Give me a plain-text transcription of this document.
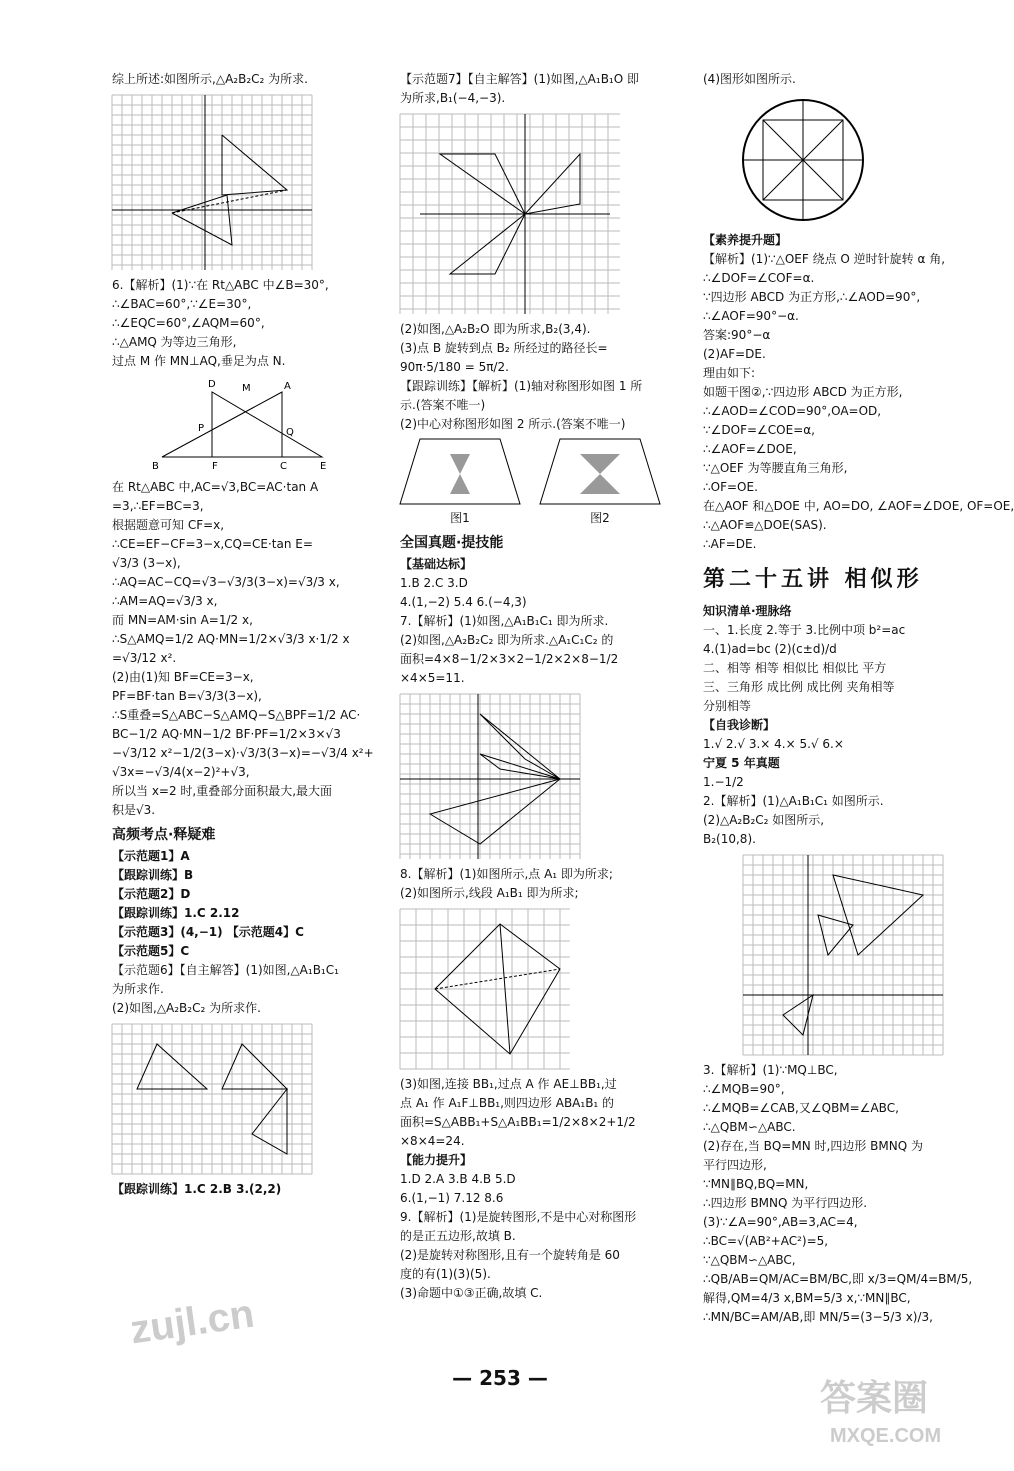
综上所述:如图所示,△A₂B₂C₂ 为所求.
6.【解析】(1)∵在 Rt△ABC 中∠B=30°,
∴∠BAC=60°,∵∠E=30°,
∴∠EQC=60°,∠AQM=60°,
∴△AMQ 为等边三角形,
过点 M 作 MN⊥AQ,垂足为点 N.
D	M	A
P	Q
B	F	C	E
在 Rt△ABC 中,AC=√3,BC=AC·tan A
=3,∴EF=BC=3,
根据题意可知 CF=x,
∴CE=EF−CF=3−x,CQ=CE·tan E=
√3/3 (3−x),
∴AQ=AC−CQ=√3−√3/3(3−x)=√3/3 x,
∴AM=AQ=√3/3 x,
而 MN=AM·sin A=1/2 x,
∴S△AMQ=1/2 AQ·MN=1/2×√3/3 x·1/2 x
=√3/12 x².
(2)由(1)知 BF=CE=3−x,
PF=BF·tan B=√3/3(3−x),
∴S重叠=S△ABC−S△AMQ−S△BPF=1/2 AC·
BC−1/2 AQ·MN−1/2 BF·PF=1/2×3×√3
−√3/12 x²−1/2(3−x)·√3/3(3−x)=−√3/4 x²+
√3x=−√3/4(x−2)²+√3,
所以当 x=2 时,重叠部分面积最大,最大面
积是√3.
高频考点·释疑难
【示范题1】A
【跟踪训练】B
【示范题2】D
【跟踪训练】1.C 2.12
【示范题3】(4,−1) 【示范题4】C
【示范题5】C
【示范题6】【自主解答】(1)如图,△A₁B₁C₁
为所求作.
(2)如图,△A₂B₂C₂ 为所求作.
【跟踪训练】1.C 2.B 3.(2,2)
【示范题7】【自主解答】(1)如图,△A₁B₁O 即
为所求,B₁(−4,−3).
(2)如图,△A₂B₂O 即为所求,B₂(3,4).
(3)点 B 旋转到点 B₂ 所经过的路径长=
90π·5/180 = 5π/2.
【跟踪训练】【解析】(1)轴对称图形如图 1 所
示.(答案不唯一)
(2)中心对称图形如图 2 所示.(答案不唯一)
图1	图2
全国真题·提技能
【基础达标】
1.B 2.C 3.D
4.(1,−2) 5.4 6.(−4,3)
7.【解析】(1)如图,△A₁B₁C₁ 即为所求.
(2)如图,△A₂B₂C₂ 即为所求.△A₁C₁C₂ 的
面积=4×8−1/2×3×2−1/2×2×8−1/2
×4×5=11.
8.【解析】(1)如图所示,点 A₁ 即为所求;
(2)如图所示,线段 A₁B₁ 即为所求;
(3)如图,连接 BB₁,过点 A 作 AE⊥BB₁,过
点 A₁ 作 A₁F⊥BB₁,则四边形 ABA₁B₁ 的
面积=S△ABB₁+S△A₁BB₁=1/2×8×2+1/2
×8×4=24.
【能力提升】
1.D 2.A 3.B 4.B 5.D
6.(1,−1) 7.12 8.6
9.【解析】(1)是旋转图形,不是中心对称图形
的是正五边形,故填 B.
(2)是旋转对称图形,且有一个旋转角是 60
度的有(1)(3)(5).
(3)命题中①③正确,故填 C.
(4)图形如图所示.
【素养提升题】
【解析】(1)∵△OEF 绕点 O 逆时针旋转 α 角,
∴∠DOF=∠COF=α.
∵四边形 ABCD 为正方形,∴∠AOD=90°,
∴∠AOF=90°−α.
答案:90°−α
(2)AF=DE.
理由如下:
如题干图②,∵四边形 ABCD 为正方形,
∴∠AOD=∠COD=90°,OA=OD,
∵∠DOF=∠COE=α,
∴∠AOF=∠DOE,
∵△OEF 为等腰直角三角形,
∴OF=OE.
在△AOF 和△DOE 中, AO=DO, ∠AOF=∠DOE, OF=OE,
∴△AOF≌△DOE(SAS).
∴AF=DE.
第二十五讲 相似形
知识清单·理脉络
一、1.长度 2.等于 3.比例中项 b²=ac
4.(1)ad=bc (2)(c±d)/d
二、相等 相等 相似比 相似比 平方
三、三角形 成比例 成比例 夹角相等
分别相等
【自我诊断】
1.√ 2.√ 3.× 4.× 5.√ 6.×
宁夏 5 年真题
1.−1/2
2.【解析】(1)△A₁B₁C₁ 如图所示.
(2)△A₂B₂C₂ 如图所示,
B₂(10,8).
3.【解析】(1)∵MQ⊥BC,
∴∠MQB=90°,
∴∠MQB=∠CAB,又∠QBM=∠ABC,
∴△QBM∽△ABC.
(2)存在,当 BQ=MN 时,四边形 BMNQ 为
平行四边形,
∵MN∥BQ,BQ=MN,
∴四边形 BMNQ 为平行四边形.
(3)∵∠A=90°,AB=3,AC=4,
∴BC=√(AB²+AC²)=5,
∵△QBM∽△ABC,
∴QB/AB=QM/AC=BM/BC,即 x/3=QM/4=BM/5,
解得,QM=4/3 x,BM=5/3 x,∵MN∥BC,
∴MN/BC=AM/AB,即 MN/5=(3−5/3 x)/3,
— 253 —
zujl.cn
答案圈
MXQE.COM
